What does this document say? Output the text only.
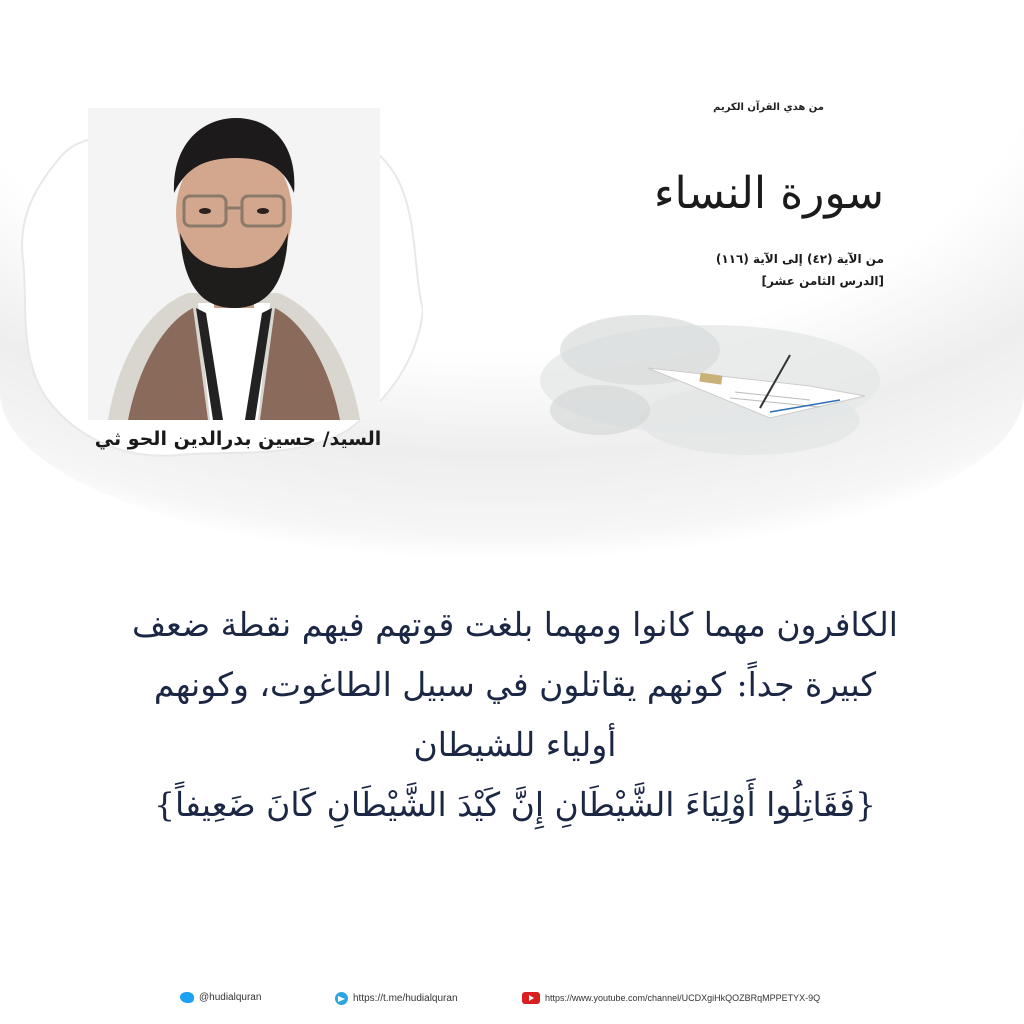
السيد/ حسين بدرالدين الحو ثي
من هدي القرآن الكريم
سورة النساء
من الآية (٤٢) إلى الآية (١١٦)
[الدرس الثامن عشر]
الكافرون مهما كانوا ومهما بلغت قوتهم فيهم نقطة ضعف
كبيرة جداً: كونهم يقاتلون في سبيل الطاغوت، وكونهم
أولياء للشيطان
{فَقَاتِلُوا أَوْلِيَاءَ الشَّيْطَانِ إِنَّ كَيْدَ الشَّيْطَانِ كَانَ ضَعِيفاً}
@hudialquran	https://t.me/hudialquran	https://www.youtube.com/channel/UCDXgiHkQOZBRqMPPETYX-9Q
